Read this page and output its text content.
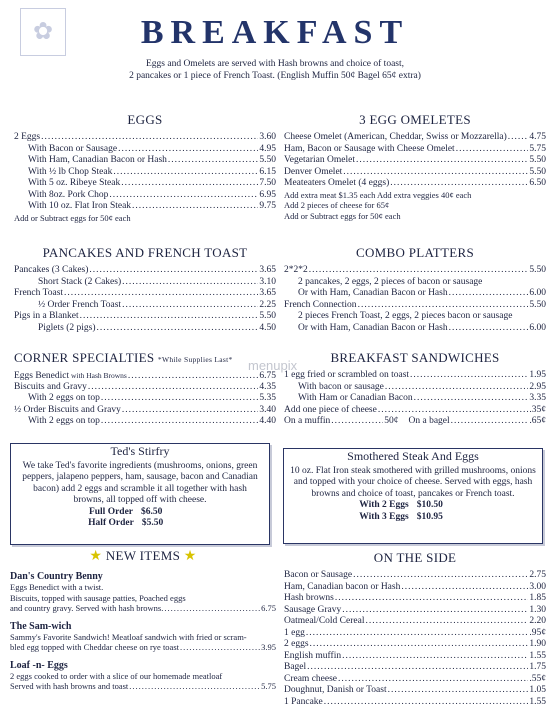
✿	BREAKFAST
Eggs and Omelets are served with Hash browns and choice of toast,
2 pancakes or 1 piece of French Toast. (English Muffin 50¢ Bagel 65¢ extra)
EGGS
2 Eggs .....	3.60
With Bacon or Sausage .....	4.95
With Ham, Canadian Bacon or Hash .....	5.50
With ½ lb Chop Steak .....	6.15
With 5 oz. Ribeye Steak .....	7.50
With 8oz. Pork Chop .....	6.95
With 10 oz. Flat Iron Steak .....	9.75
Add or Subtract eggs for 50¢ each
3 EGG OMELETES
Cheese Omelet (American, Cheddar, Swiss or Mozzarella) ..... 4.75
Ham, Bacon or Sausage with Cheese Omelet .....	5.75
Vegetarian Omelet .....	5.50
Denver Omelet .....	5.50
Meateaters Omelet (4 eggs) .....	6.50
Add extra meat $1.35 each Add extra veggies 40¢ each
Add 2 pieces of cheese for 65¢
Add or Subtract eggs for 50¢ each
PANCAKES AND FRENCH TOAST
Pancakes (3 Cakes) .....	3.65
Short Stack (2 Cakes) .....	3.10
French Toast .....	3.65
½ Order French Toast .....	2.25
Pigs in a Blanket .....	5.50
Piglets (2 pigs) .....	4.50
COMBO PLATTERS
2*2*2 .....	5.50
2 pancakes, 2 eggs, 2 pieces of bacon or sausage
Or with Ham, Canadian Bacon or Hash .....	6.00
French Connection .....	5.50
2 pieces French Toast, 2 eggs, 2 pieces bacon or sausage
Or with Ham, Canadian Bacon or Hash .....	6.00
CORNER SPECIALTIES *While Supplies Last*
Eggs Benedict with Hash Browns .....	6.75
Biscuits and Gravy .....	4.35
With 2 eggs on top .....	5.35
½ Order Biscuits and Gravy .....	3.40
With 2 eggs on top .....	4.40
BREAKFAST SANDWICHES
1 egg fried or scrambled on toast .....	1.95
With bacon or sausage .....	2.95
With Ham or Canadian Bacon .....	3.35
Add one piece of cheese .....	.35¢
On a muffin .....	50¢ On a bagel .....	.65¢
menupix
Ted's Stirfry
We take Ted's favorite ingredients (mushrooms, onions, green peppers, jalapeno peppers, ham, sausage, bacon and Canadian bacon) add 2 eggs and scramble it all together with hash browns, all topped off with cheese.
Full Order $6.50
Half Order $5.50
Smothered Steak And Eggs
10 oz. Flat Iron steak smothered with grilled mushrooms, onions and topped with your choice of cheese. Served with eggs, hash browns and choice of toast, pancakes or French toast.
With 2 Eggs $10.50
With 3 Eggs $10.95
★ NEW ITEMS ★
Dan's Country Benny
Eggs Benedict with a twist.
Biscuits, topped with sausage patties, Poached eggs
and country gravy. Served with hash browns. .....	6.75
The Sam-wich
Sammy's Favorite Sandwich! Meatloaf sandwich with fried or scram-
bled egg topped with Cheddar cheese on rye toast .....	3.95
Loaf -n- Eggs
2 eggs cooked to order with a slice of our homemade meatloaf
Served with hash browns and toast .....	5.75
ON THE SIDE
Bacon or Sausage .....	2.75
Ham, Canadian bacon or Hash .....	3.00
Hash browns .....	1.85
Sausage Gravy .....	1.30
Oatmeal/Cold Cereal .....	2.20
1 egg .....	.95¢
2 eggs .....	1.90
English muffin .....	1.55
Bagel .....	1.75
Cream cheese .....	.55¢
Doughnut, Danish or Toast .....	1.05
1 Pancake .....	1.55
